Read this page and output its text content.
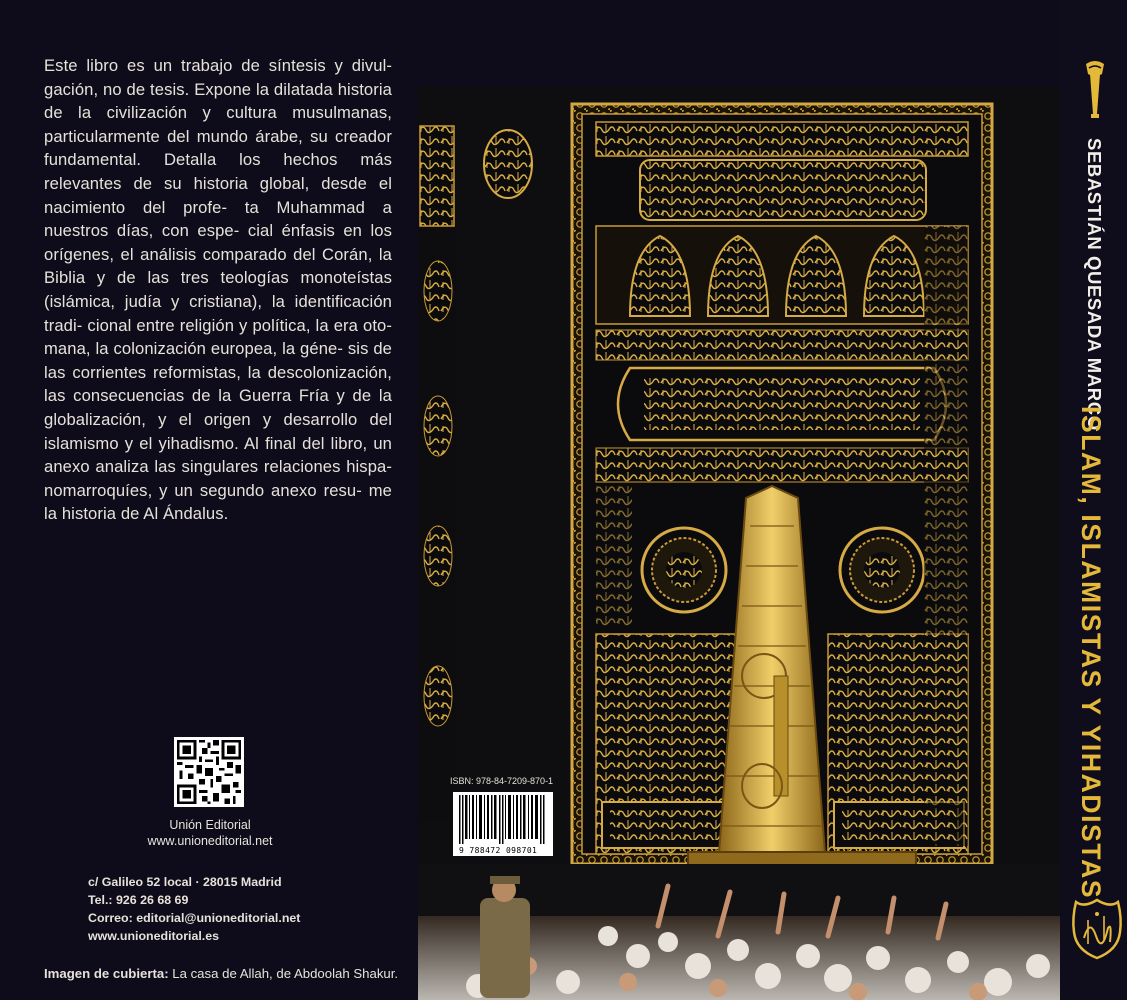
Este libro es un trabajo de síntesis y divul- gación, no de tesis. Expone la dilatada historia de la civilización y cultura musulmanas, particularmente del mundo árabe, su creador fundamental. Detalla los hechos más relevantes de su historia global, desde el nacimiento del profe- ta Muhammad a nuestros días, con espe- cial énfasis en los orígenes, el análisis comparado del Corán, la Biblia y de las tres teologías monoteístas (islámica, judía y cristiana), la identificación tradi- cional entre religión y política, la era oto- mana, la colonización europea, la géne- sis de las corrientes reformistas, la descolonización, las consecuencias de la Guerra Fría y de la globalización, y el origen y desarrollo del islamismo y el yihadismo. Al final del libro, un anexo analiza las singulares relaciones hispa- nomarroquíes, y un segundo anexo resu- me la historia de Al Ándalus.

Unión Editorial
www.unioneditorial.net
c/ Galileo 52 local · 28015 Madrid
Tel.: 926 26 68 69
Correo: editorial@unioneditorial.net
www.unioneditorial.es
Imagen de cubierta: La casa de Allah, de Abdoolah Shakur.
ISBN: 978-84-7209-870-1
9 788472 098701
SEBASTIÁN QUESADA MARCO
ISLAM, ISLAMISTAS Y YIHADISTAS
